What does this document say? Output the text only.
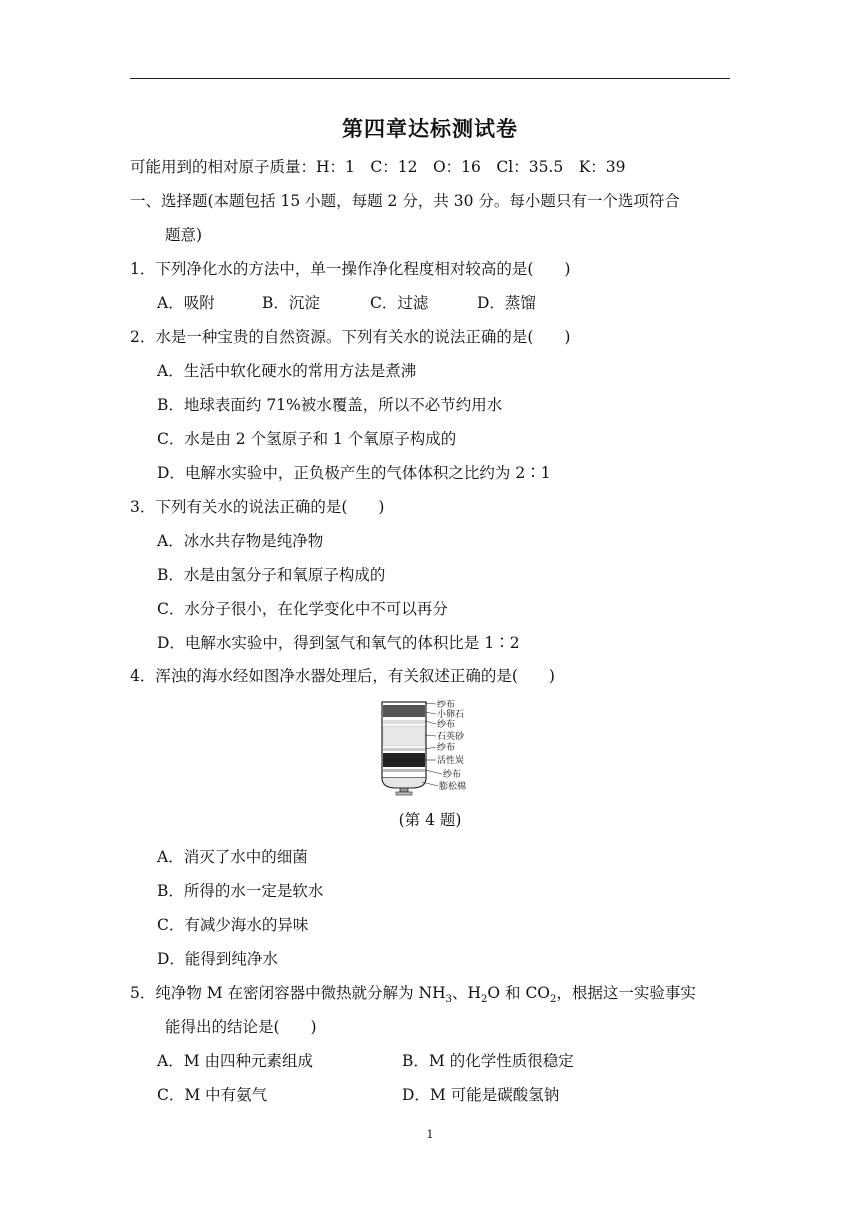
第四章达标测试卷
可能用到的相对原子质量：H：1　C：12　O：16　Cl：35.5　K：39
一、选择题(本题包括 15 小题，每题 2 分，共 30 分。每小题只有一个选项符合
题意)
1．下列净化水的方法中，单一操作净化程度相对较高的是(　　)
A．吸附	B．沉淀	C．过滤	D．蒸馏
2．水是一种宝贵的自然资源。下列有关水的说法正确的是(　　)
A．生活中软化硬水的常用方法是煮沸
B．地球表面约 71%被水覆盖，所以不必节约用水
C．水是由 2 个氢原子和 1 个氧原子构成的
D．电解水实验中，正负极产生的气体体积之比约为 2∶1
3．下列有关水的说法正确的是(　　)
A．冰水共存物是纯净物
B．水是由氢分子和氧原子构成的
C．水分子很小，在化学变化中不可以再分
D．电解水实验中，得到氢气和氧气的体积比是 1∶2
4．浑浊的海水经如图净水器处理后，有关叙述正确的是(　　)
纱布
小卵石
纱布
石英砂
纱布
活性炭
纱布
膨松棉
(第 4 题)
A．消灭了水中的细菌
B．所得的水一定是软水
C．有减少海水的异味
D．能得到纯净水
5．纯净物 M 在密闭容器中微热就分解为 $NH_3$、$H_2O$ 和 $CO_2$，根据这一实验事实
能得出的结论是(　　)
A．M 由四种元素组成	B．M 的化学性质很稳定
C．M 中有氨气	D．M 可能是碳酸氢钠
1
